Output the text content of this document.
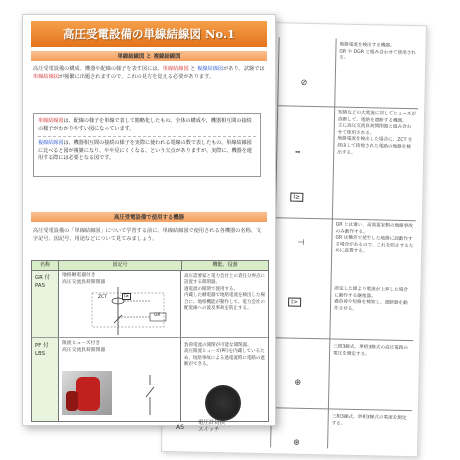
地絡電流を検出する機器。
GR や DGR と組み合わせて使用される。
短絡などの大電流に対してヒューズが溶断して、電路を遮断する機器。
主に高圧交流負荷開閉器と組み合わせて使用される。
地絡電流を検出した場合に、ZCT を経由して接地された電路の地絡を検出する。
GR とは違い、高需要家側の地絡事故のみ動作する。
GR は構外で発生した地絡に誤動作する場合があるので、これを防止するために設置する。
設定した値より電流が上昇した場合に動作する継電器。
過負荷や短絡を検知し、遮断器を動作させる。
三相3線式、単相3線式の高圧電路の電圧を測定する。
三相3線式、単相3線式の電流を測定する。
⊘
╍
I≥
⊣
I>
⊕
⊛
高圧受電設備の単線結線図 No.1
単線結線図 と 複線結線図
高圧受電設備の構成、機器や配線の様子を表す図には、単線結線図 と 複線結線図があり、試験では単線結線図が頻繁に出題されますので、これの見方を覚える必要があります。
単線結線図は、配線の様子を単線で表して簡略化したもの。全体の構成や、機器相互間の接続の様子がわかりやすい図になっています。
複線結線図は、機器相互間の接続の様子を実際に使われる電線の数で表したもの。単線結線図に比べると図が複雑になり、やや見にくくなる、という欠点がありますが、実際に、機器を運用する際には必要となる図です。
高圧受電設備で使用する機器
高圧受電設備の「単線結線図」について学習する前に、単線結線図で使用される各機器の名称、文字記号、図記号、用途などについて見てみましょう。
名称	図記号	機能、役割
GR 付
PAS
地絡継電器付き
高圧交流負荷開閉器
ZCT
GR
I≥
高圧需要家と電力会社との責任分界点に設置する開閉器。
過電流の開閉で使用する。
内蔵した継電器で地絡電流を検出した場合に、地絡機能が動作して、電力会社の配電線への波及事故を防止する。
PF 付
LBS
限流ヒューズ付き
高圧交流負荷開閉器
負荷電流の開閉が可能な開閉器。
高圧限流ヒューズ(PF)を内蔵しているため、短絡事故による過電流時に電路の遮断ができる。
AS
電圧計切換
スイッチ
